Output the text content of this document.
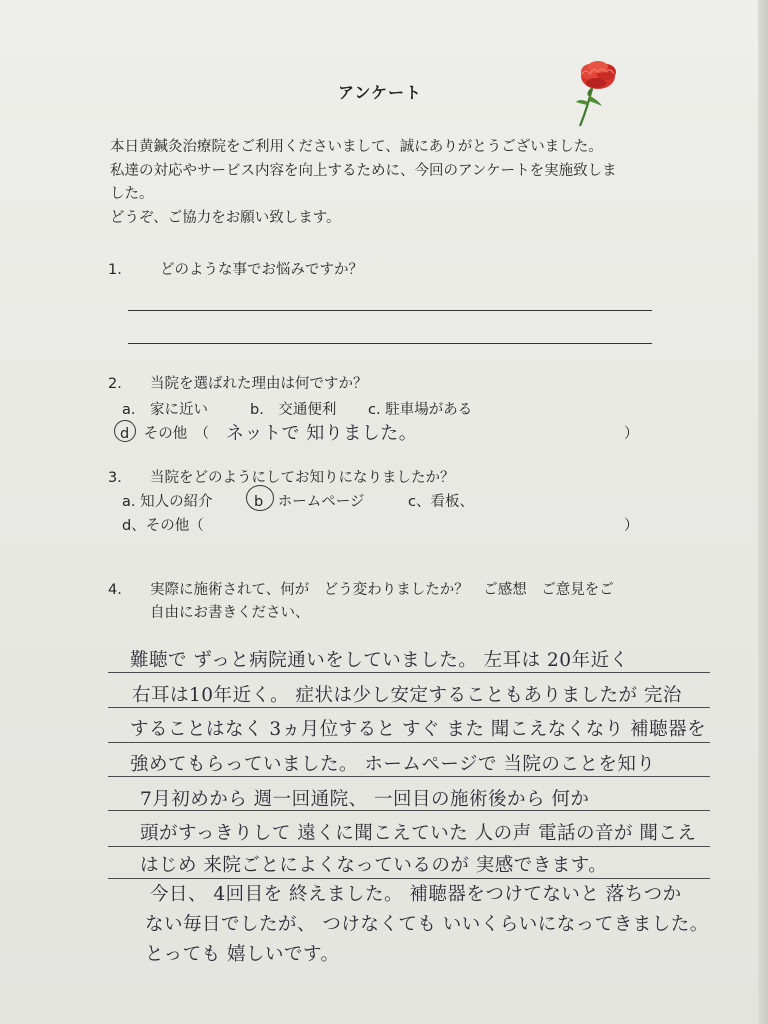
アンケート
本日黄鍼灸治療院をご利用くださいまして、誠にありがとうございました。
私達の対応やサービス内容を向上するために、今回のアンケートを実施致しま
した。
どうぞ、ご協力をお願い致します。
1． どのような事でお悩みですか？
2． 当院を選ばれた理由は何ですか？
a.　家に近い	b.　交通便利 c. 駐車場がある
d　その他　（ ネットで 知りました。	）
3． 当院をどのようにしてお知りになりましたか？
a. 知人の紹介	b　ホームページ	c、看板、
d、その他（	）
4． 実際に施術されて、何が　どう変わりましたか？　ご感想　ご意見をご
自由にお書きください、
難聴で ずっと病院通いをしていました。 左耳は 20年近く
右耳は10年近く。 症状は少し安定することもありましたが 完治
することはなく 3ヵ月位すると すぐ また 聞こえなくなり 補聴器を
強めてもらっていました。 ホームページで 当院のことを知り
7月初めから 週一回通院、 一回目の施術後から 何か
頭がすっきりして 遠くに聞こえていた 人の声 電話の音が 聞こえ
はじめ 来院ごとによくなっているのが 実感できます。
今日、 4回目を 終えました。 補聴器をつけてないと 落ちつか
ない毎日でしたが、 つけなくても いいくらいになってきました。
とっても 嬉しいです。
